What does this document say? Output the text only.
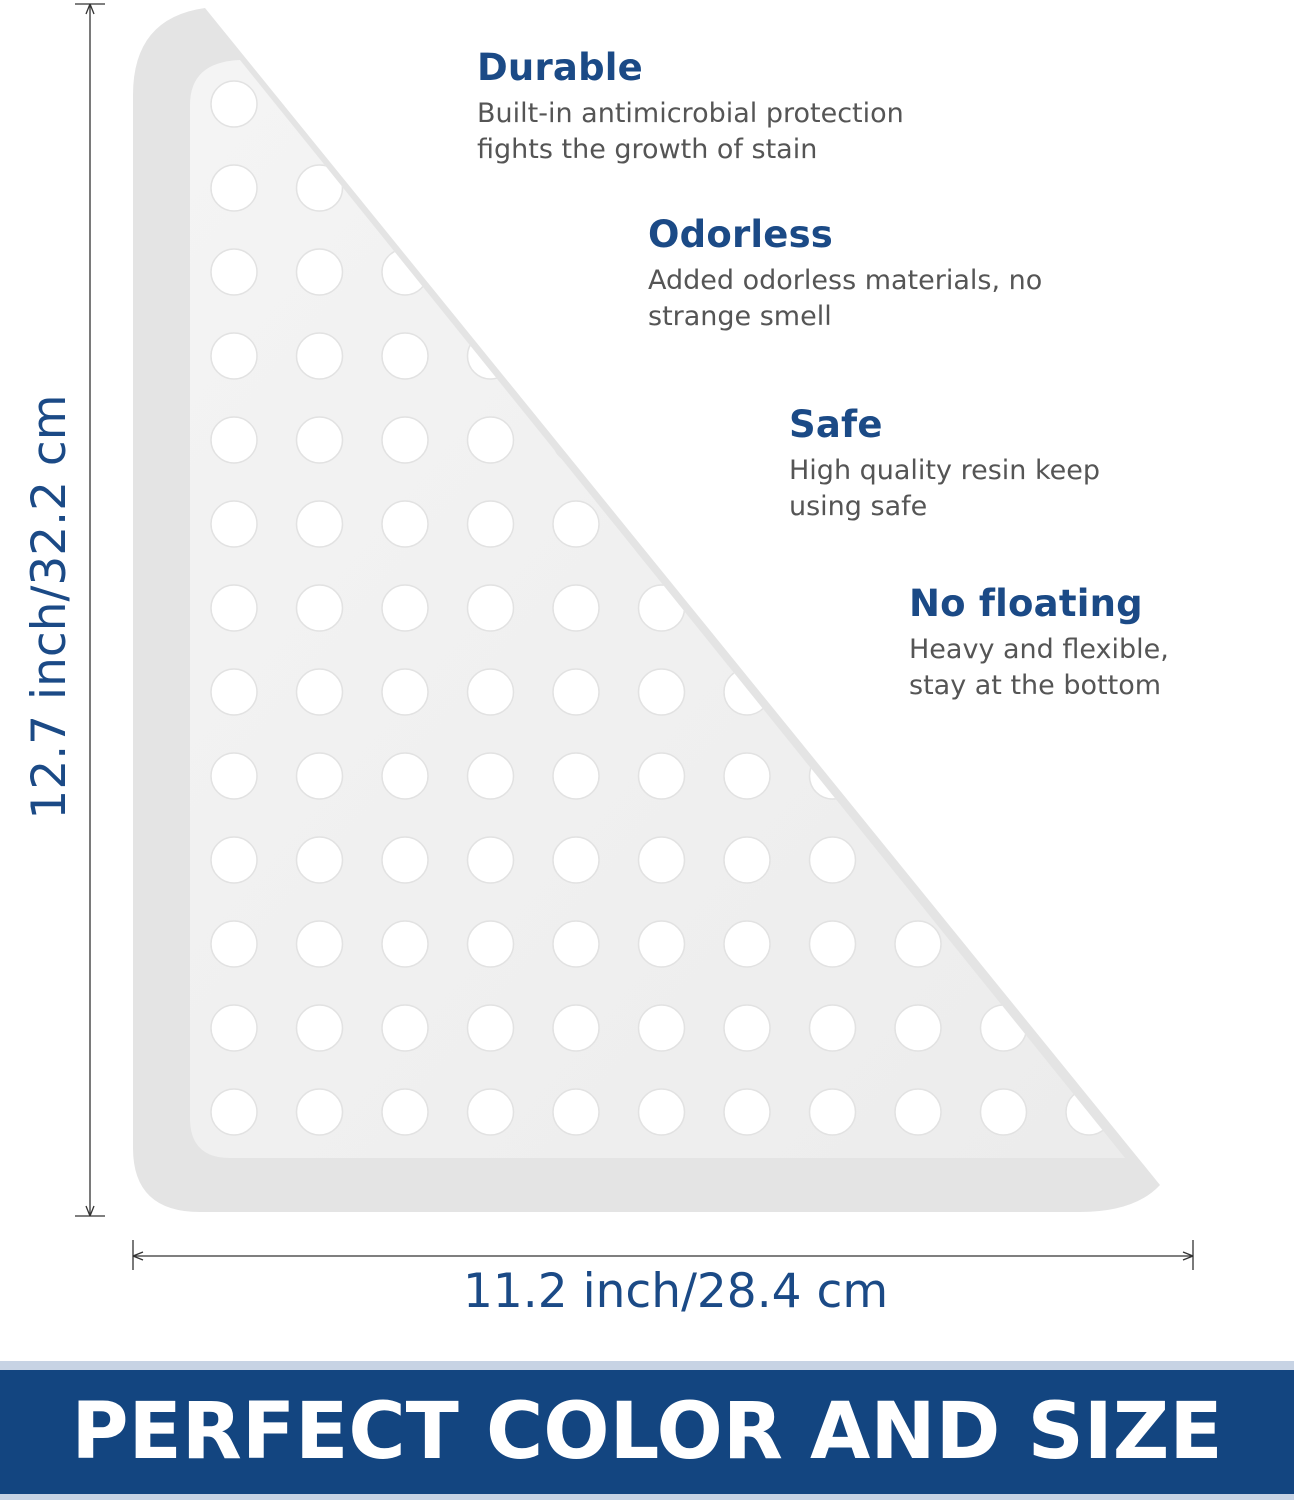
Durable
Built-in antimicrobial protection fights the growth of stain
Odorless
Added odorless materials, no strange smell
Safe
High quality resin keep using safe
No floating
Heavy and flexible, stay at the bottom
12.7 inch/32.2 cm
11.2 inch/28.4 cm
PERFECT COLOR AND SIZE
